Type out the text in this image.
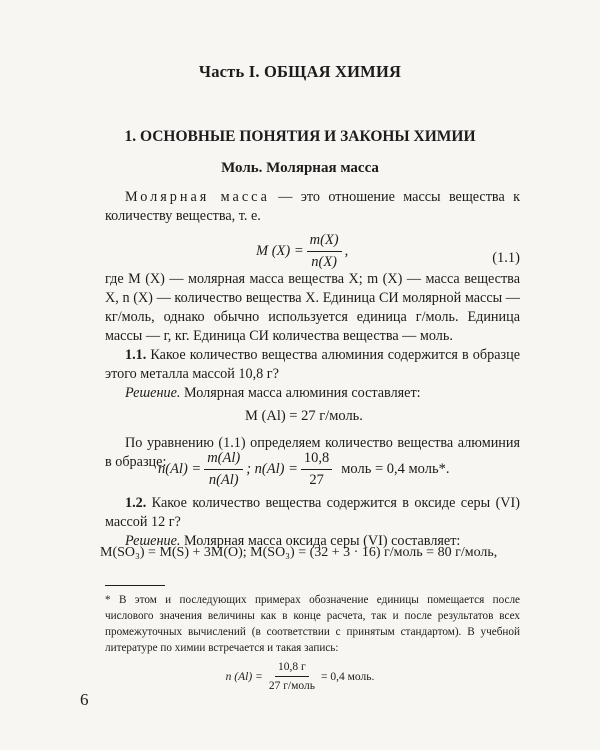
Часть I. ОБЩАЯ ХИМИЯ
1. ОСНОВНЫЕ ПОНЯТИЯ И ЗАКОНЫ ХИМИИ
Моль. Молярная масса
Молярная масса — это отношение массы вещества к количеству вещества, т. е.
M $(X) = \frac{m(X)}{n(X)}$ ,	(1.1)
где M (X) — молярная масса вещества X; m (X) — масса вещества X, n (X) — количество вещества X. Единица СИ молярной массы — кг/моль, однако обычно используется единица г/моль. Единица массы — г, кг. Единица СИ количества вещества — моль.
1.1. Какое количество вещества алюминия содержится в образце этого металла массой 10,8 г?
Решение. Молярная масса алюминия составляет:
M (Al) = 27 г/моль.
По уравнению (1.1) определяем количество вещества алюминия в образце:
$n(Al) = \frac{m(Al)}{n(Al)}$ ; $n(Al) = \frac{10,8}{27}$ моль = 0,4 моль*.
1.2. Какое количество вещества содержится в оксиде серы (VI) массой 12 г?
Решение. Молярная масса оксида серы (VI) составляет:
M(SO₃) = M(S) + 3M(O); M(SO₃) = (32 + 3 · 16) г/моль = 80 г/моль,
* В этом и последующих примерах обозначение единицы помещается после числового значения величины как в конце расчета, так и после результатов всех промежуточных вычислений (в соответствии с принятым стандартом). В учебной литературе по химии встречается и такая запись:
n $(Al) = \frac{10,8 г}{\text{27 г/моль}} = 0,4$ моль.
6
